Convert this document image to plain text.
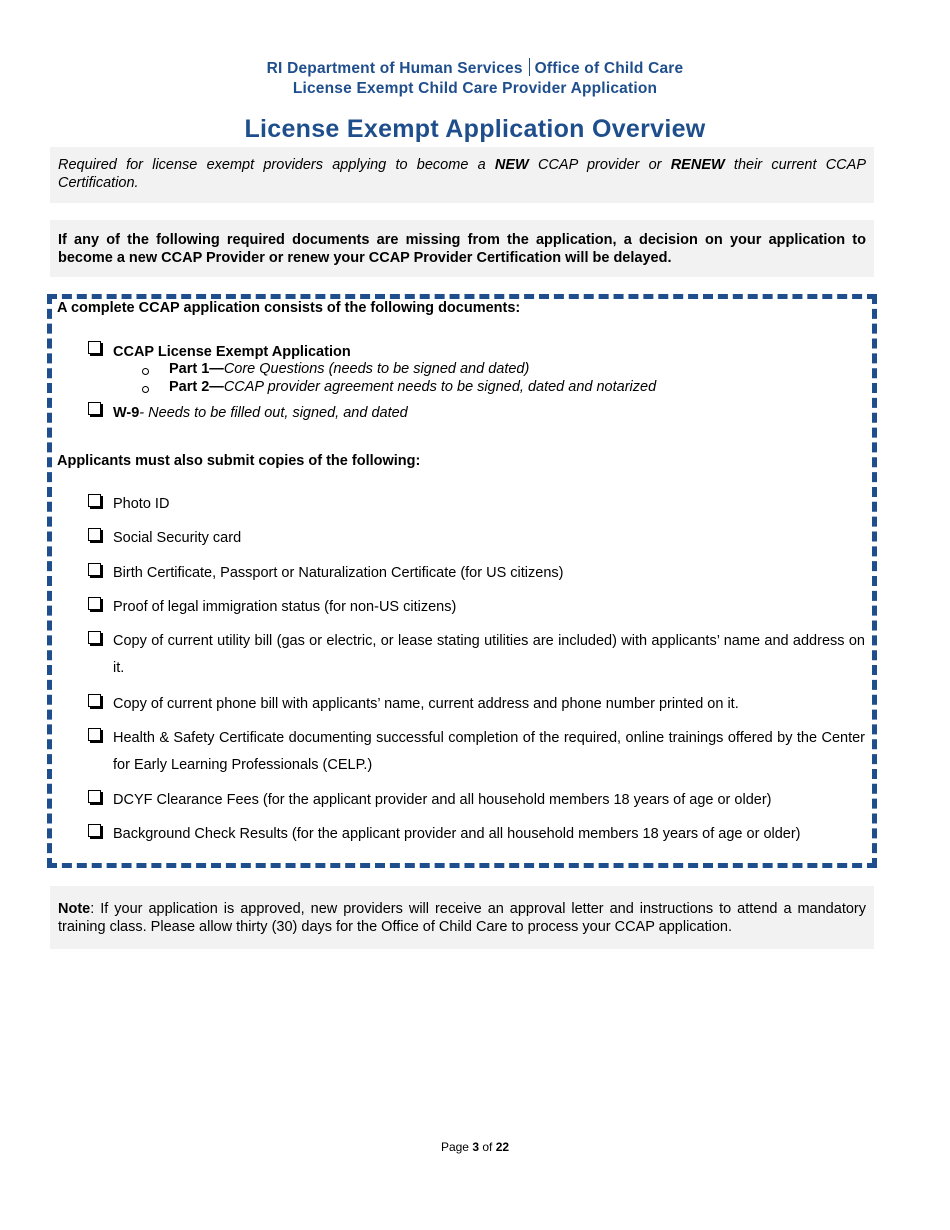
RI Department of Human Services Office of Child Care
License Exempt Child Care Provider Application
License Exempt Application Overview
Required for license exempt providers applying to become a NEW CCAP provider or RENEW their current CCAP Certification.
If any of the following required documents are missing from the application, a decision on your application to become a new CCAP Provider or renew your CCAP Provider Certification will be delayed.
A complete CCAP application consists of the following documents:
CCAP License Exempt Application
Part 1—Core Questions (needs to be signed and dated)
Part 2—CCAP provider agreement needs to be signed, dated and notarized
W-9- Needs to be filled out, signed, and dated
Applicants must also submit copies of the following:
Photo ID
Social Security card
Birth Certificate, Passport or Naturalization Certificate (for US citizens)
Proof of legal immigration status (for non-US citizens)
Copy of current utility bill (gas or electric, or lease stating utilities are included) with applicants’ name and address on it.
Copy of current phone bill with applicants’ name, current address and phone number printed on it.
Health & Safety Certificate documenting successful completion of the required, online trainings offered by the Center for Early Learning Professionals (CELP.)
DCYF Clearance Fees (for the applicant provider and all household members 18 years of age or older)
Background Check Results (for the applicant provider and all household members 18 years of age or older)
Note: If your application is approved, new providers will receive an approval letter and instructions to attend a mandatory training class. Please allow thirty (30) days for the Office of Child Care to process your CCAP application.
Page 3 of 22
